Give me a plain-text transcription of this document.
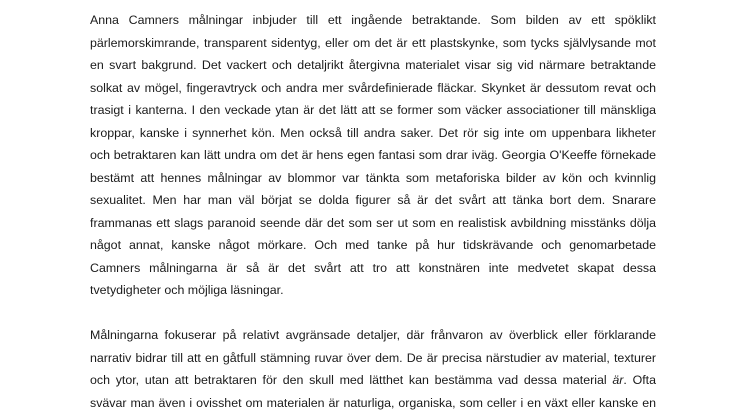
Anna Camners målningar inbjuder till ett ingående betraktande. Som bilden av ett spöklikt
pärlemorskimrande, transparent sidentyg, eller om det är ett plastskynke, som tycks självlysande mot
en svart bakgrund. Det vackert och detaljrikt återgivna materialet visar sig vid närmare betraktande
solkat av mögel, fingeravtryck och andra mer svårdefinierade fläckar. Skynket är dessutom revat och
trasigt i kanterna. I den veckade ytan är det lätt att se former som väcker associationer till mänskliga
kroppar, kanske i synnerhet kön. Men också till andra saker. Det rör sig inte om uppenbara likheter
och betraktaren kan lätt undra om det är hens egen fantasi som drar iväg. Georgia O'Keeffe förnekade
bestämt att hennes målningar av blommor var tänkta som metaforiska bilder av kön och kvinnlig
sexualitet. Men har man väl börjat se dolda figurer så är det svårt att tänka bort dem. Snarare
frammanas ett slags paranoid seende där det som ser ut som en realistisk avbildning misstänks dölja
något annat, kanske något mörkare. Och med tanke på hur tidskrävande och genomarbetade
Camners målningarna är så är det svårt att tro att konstnären inte medvetet skapat dessa
tvetydigheter och möjliga läsningar.
Målningarna fokuserar på relativt avgränsade detaljer, där frånvaron av överblick eller förklarande
narrativ bidrar till att en gåtfull stämning ruvar över dem. De är precisa närstudier av material, texturer
och ytor, utan att betraktaren för den skull med lätthet kan bestämma vad dessa material är. Ofta
svävar man även i ovisshet om materialen är naturliga, organiska, som celler i en växt eller kanske en
